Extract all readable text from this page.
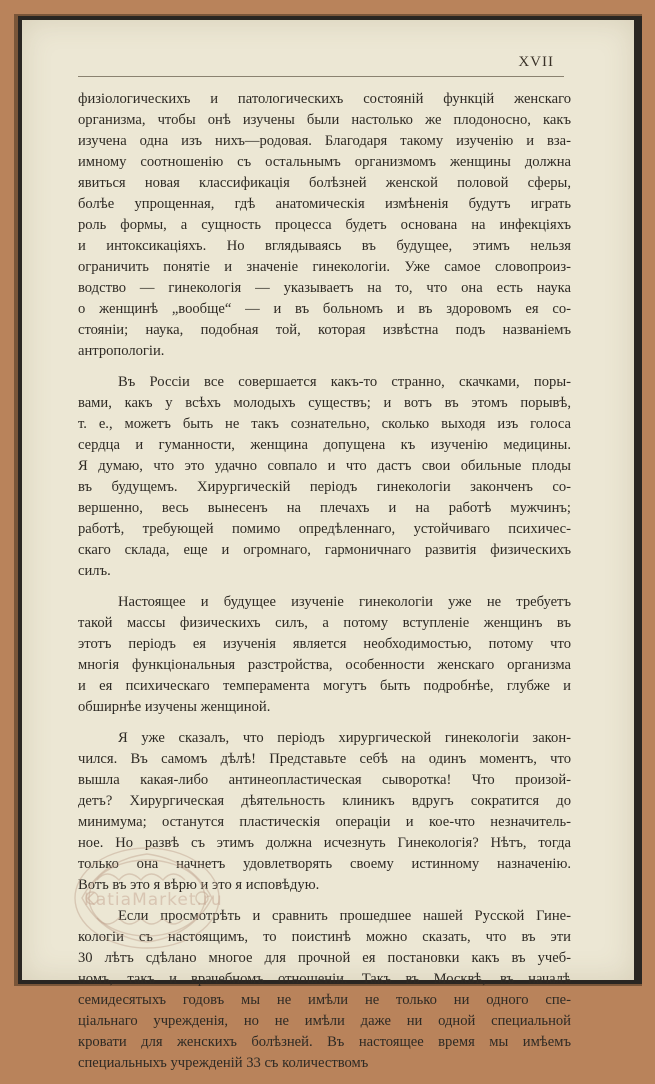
XVII
физіологическихъ и патологическихъ состояній функцій женскаго
организма, чтобы онѣ изучены были настолько же плодоносно, какъ
изучена одна изъ нихъ—родовая. Благодаря такому изученію и вза-
имному соотношенію съ остальнымъ организмомъ женщины должна
явиться новая классификація болѣзней женской половой сферы,
болѣе упрощенная, гдѣ анатомическія измѣненія будутъ играть
роль формы, а сущность процесса будетъ основана на инфекціяхъ
и интоксикаціяхъ. Но вглядываясь въ будущее, этимъ нельзя
ограничить понятіе и значеніе гинекологіи. Уже самое словопроиз-
водство — гинекологія — указываетъ на то, что она есть наука
о женщинѣ „вообще“ — и въ больномъ и въ здоровомъ ея со-
стояніи; наука, подобная той, которая извѣстна подъ названіемъ
антропологіи.
Въ Россіи все совершается какъ-то странно, скачками, поры-
вами, какъ у всѣхъ молодыхъ существъ; и вотъ въ этомъ порывѣ,
т. е., можетъ быть не такъ сознательно, сколько выходя изъ голоса
сердца и гуманности, женщина допущена къ изученію медицины.
Я думаю, что это удачно совпало и что дастъ свои обильные плоды
въ будущемъ. Хирургическій періодъ гинекологіи законченъ со-
вершенно, весь вынесенъ на плечахъ и на работѣ мужчинъ;
работѣ, требующей помимо опредѣленнаго, устойчиваго психичес-
скаго склада, еще и огромнаго, гармоничнаго развитія физическихъ
силъ.
Настоящее и будущее изученіе гинекологіи уже не требуетъ
такой массы физическихъ силъ, а потому вступленіе женщинъ въ
этотъ періодъ ея изученія является необходимостью, потому что
многія функціональныя разстройства, особенности женскаго организма
и ея психическаго темперамента могутъ быть подробнѣе, глубже и
обширнѣе изучены женщиной.
Я уже сказалъ, что періодъ хирургической гинекологіи закон-
чился. Въ самомъ дѣлѣ! Представьте себѣ на одинъ моментъ, что
вышла какая-либо антинеопластическая сыворотка! Что произой-
детъ? Хирургическая дѣятельность клиникъ вдругъ сократится до
минимума; останутся пластическія операціи и кое-что незначитель-
ное. Но развѣ съ этимъ должна исчезнуть Гинекологія? Нѣтъ, тогда
только она начнетъ удовлетворять своему истинному назначенію.
Вотъ въ это я вѣрю и это я исповѣдую.
Если просмотрѣть и сравнить прошедшее нашей Русской Гине-
кологіи съ настоящимъ, то поистинѣ можно сказать, что въ эти
30 лѣтъ сдѣлано многое для прочной ея постановки какъ въ учеб-
номъ, такъ и врачебномъ отношеніи. Такъ въ Москвѣ, въ началѣ
семидесятыхъ годовъ мы не имѣли не только ни одного спе-
ціальнаго учрежденія, но не имѣли даже ни одной специальной
кровати для женскихъ болѣзней. Въ настоящее время мы имѣемъ
специальныхъ учрежденій 33 съ количествомъ
KatiaMarket.ru
